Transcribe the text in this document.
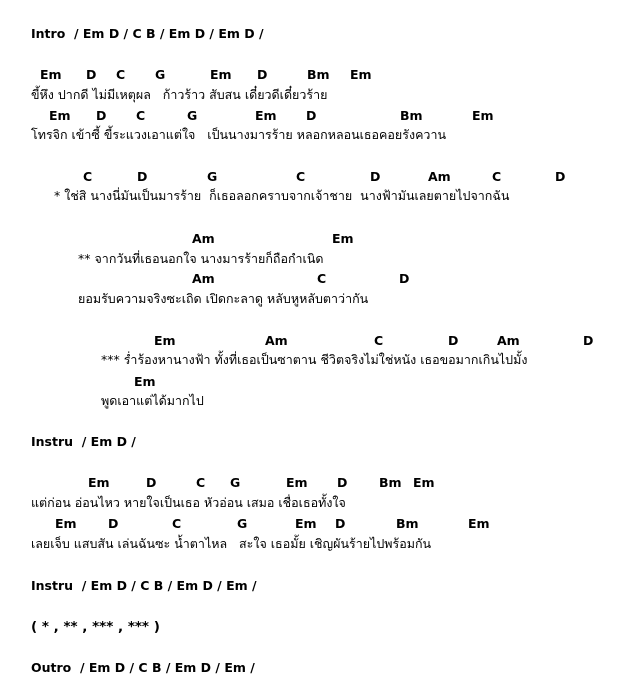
Intro  / Em D / C B / Em D / Em D /
Em D C G	Em D	Bm Em
ขี้หึง ปากดี ไม่มีเหตุผล   ก้าวร้าว สับสน เดี๋ยวดีเดี๋ยวร้าย
Em D C	G	Em D	Bm	Em
โทรจิก เข้าซี้ ขี้ระแวงเอาแต่ใจ   เป็นนางมารร้าย หลอกหลอนเธอคอยรังควาน
C	D	G	C	D	Am	C	D
* ใช่สิ นางนี่มันเป็นมารร้าย  ก็เธอลอกคราบจากเจ้าชาย  นางฟ้ามันเลยตายไปจากฉัน
Am	Em
** จากวันที่เธอนอกใจ นางมารร้ายก็ถือกำเนิด
Am	C	D
ยอมรับความจริงซะเถิด เปิดกะลาดู หลับหูหลับตาว่ากัน
Em	Am	C	D	Am	D
*** ร่ำร้องหานางฟ้า ทั้งที่เธอเป็นซาตาน ชีวิตจริงไม่ใช่หนัง เธอขอมากเกินไปมั้ง
Em
พูดเอาแต่ได้มากไป
Instru  / Em D /
Em	D	C G	Em D	Bm Em
แต่ก่อน อ่อนไหว หายใจเป็นเธอ หัวอ่อน เสมอ เชื่อเธอทั้งใจ
Em	D	C	G	Em D	Bm	Em
เลยเจ็บ แสบสัน เล่นฉันซะ น้ำตาไหล   สะใจ เธอมั้ย เชิญผันร้ายไปพร้อมกัน
Instru  / Em D / C B / Em D / Em /
( * , ** , *** , *** )
Outro  / Em D / C B / Em D / Em /
